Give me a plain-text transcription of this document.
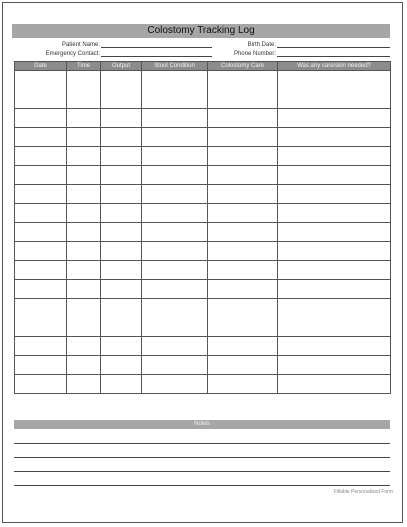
Colostomy Tracking Log
Patient Name:	Birth Date:
Emergency Contact:	Phone Number:
Date	Time	Output	Stool Condition	Colostomy Care	Was any care/skin needed?

Notes
Fillable Personalized Form
